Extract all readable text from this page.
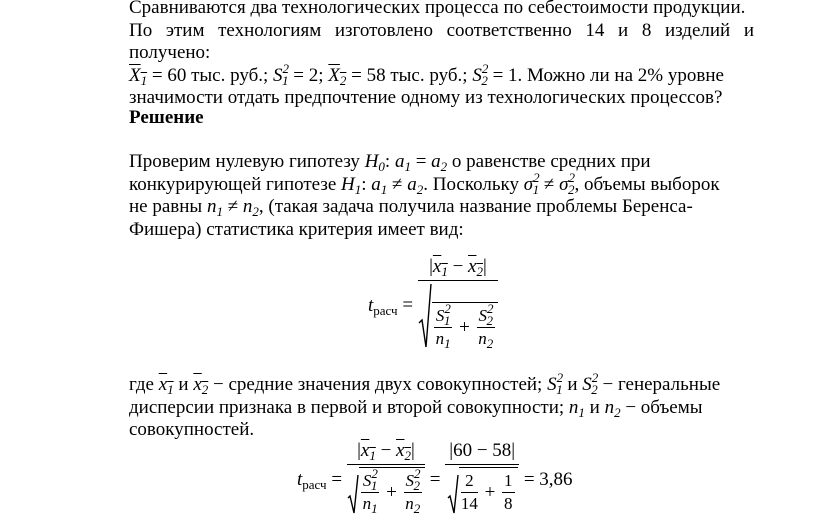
Сравниваются два технологических процесса по себестоимости продукции.
По этим технологиям изготовлено соответственно 14 и 8 изделий и получено:
$X_1 = 60$ тыс. руб.; $S^2_1 = 2$; $X_2 = 58$ тыс. руб.; $S^2_2 = 1$. Можно ли на 2% уровне
значимости отдать предпочтение одному из технологических процессов?
Решение
Проверим нулевую гипотезу $H_0$: $a_1 = a_2$ о равенстве средних при
конкурирующей гипотезе $H_1$: $a_1 \ne a_2$. Поскольку $\sigma^2_1 \ne \sigma^2_2$, объемы выборок
не равны $n_1 \ne n_2$, (такая задача получила название проблемы Беренса-
Фишера) статистика критерия имеет вид:
$t_{расч} = \frac{|x_1 - x_2|}{\frac{S^2_1}{n_1} + \frac{S^2_2}{n_2}}$
где $x_1$ и $x_2$ − средние значения двух совокупностей; $S^2_1$ и $S^2_2$ − генеральные
дисперсии признака в первой и второй совокупности; $n_1$ и $n_2$ − объемы
совокупностей.
$t_{расч} = \frac{|x_1 - x_2|}{\frac{S^2_1}{n_1} + \frac{S^2_2}{n_2}} = \frac{|60 - 58|}{\frac{2}{14} + \frac{1}{8}} = 3,86$
